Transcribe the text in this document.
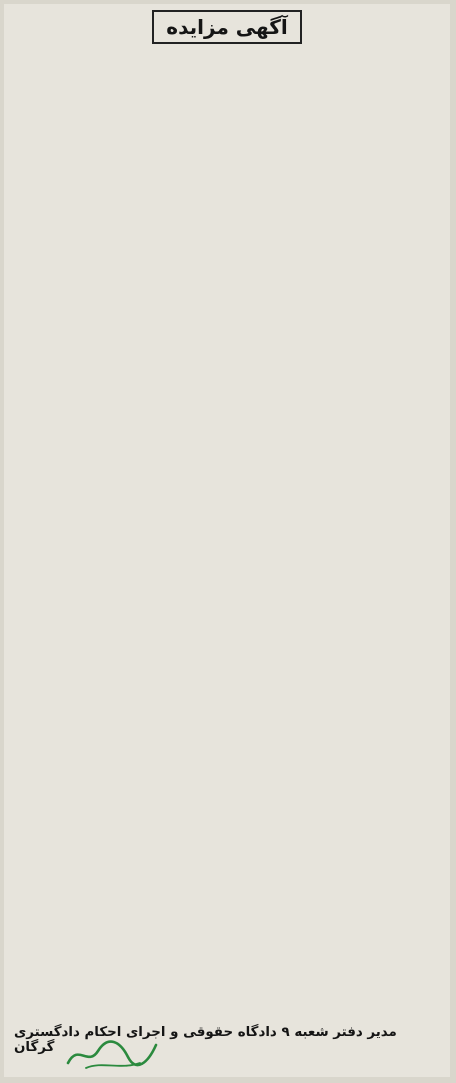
آگهی مزایده
مدیر دفتر شعبه ۹ دادگاه حقوقی و اجرای احکام دادگستری گرگان
